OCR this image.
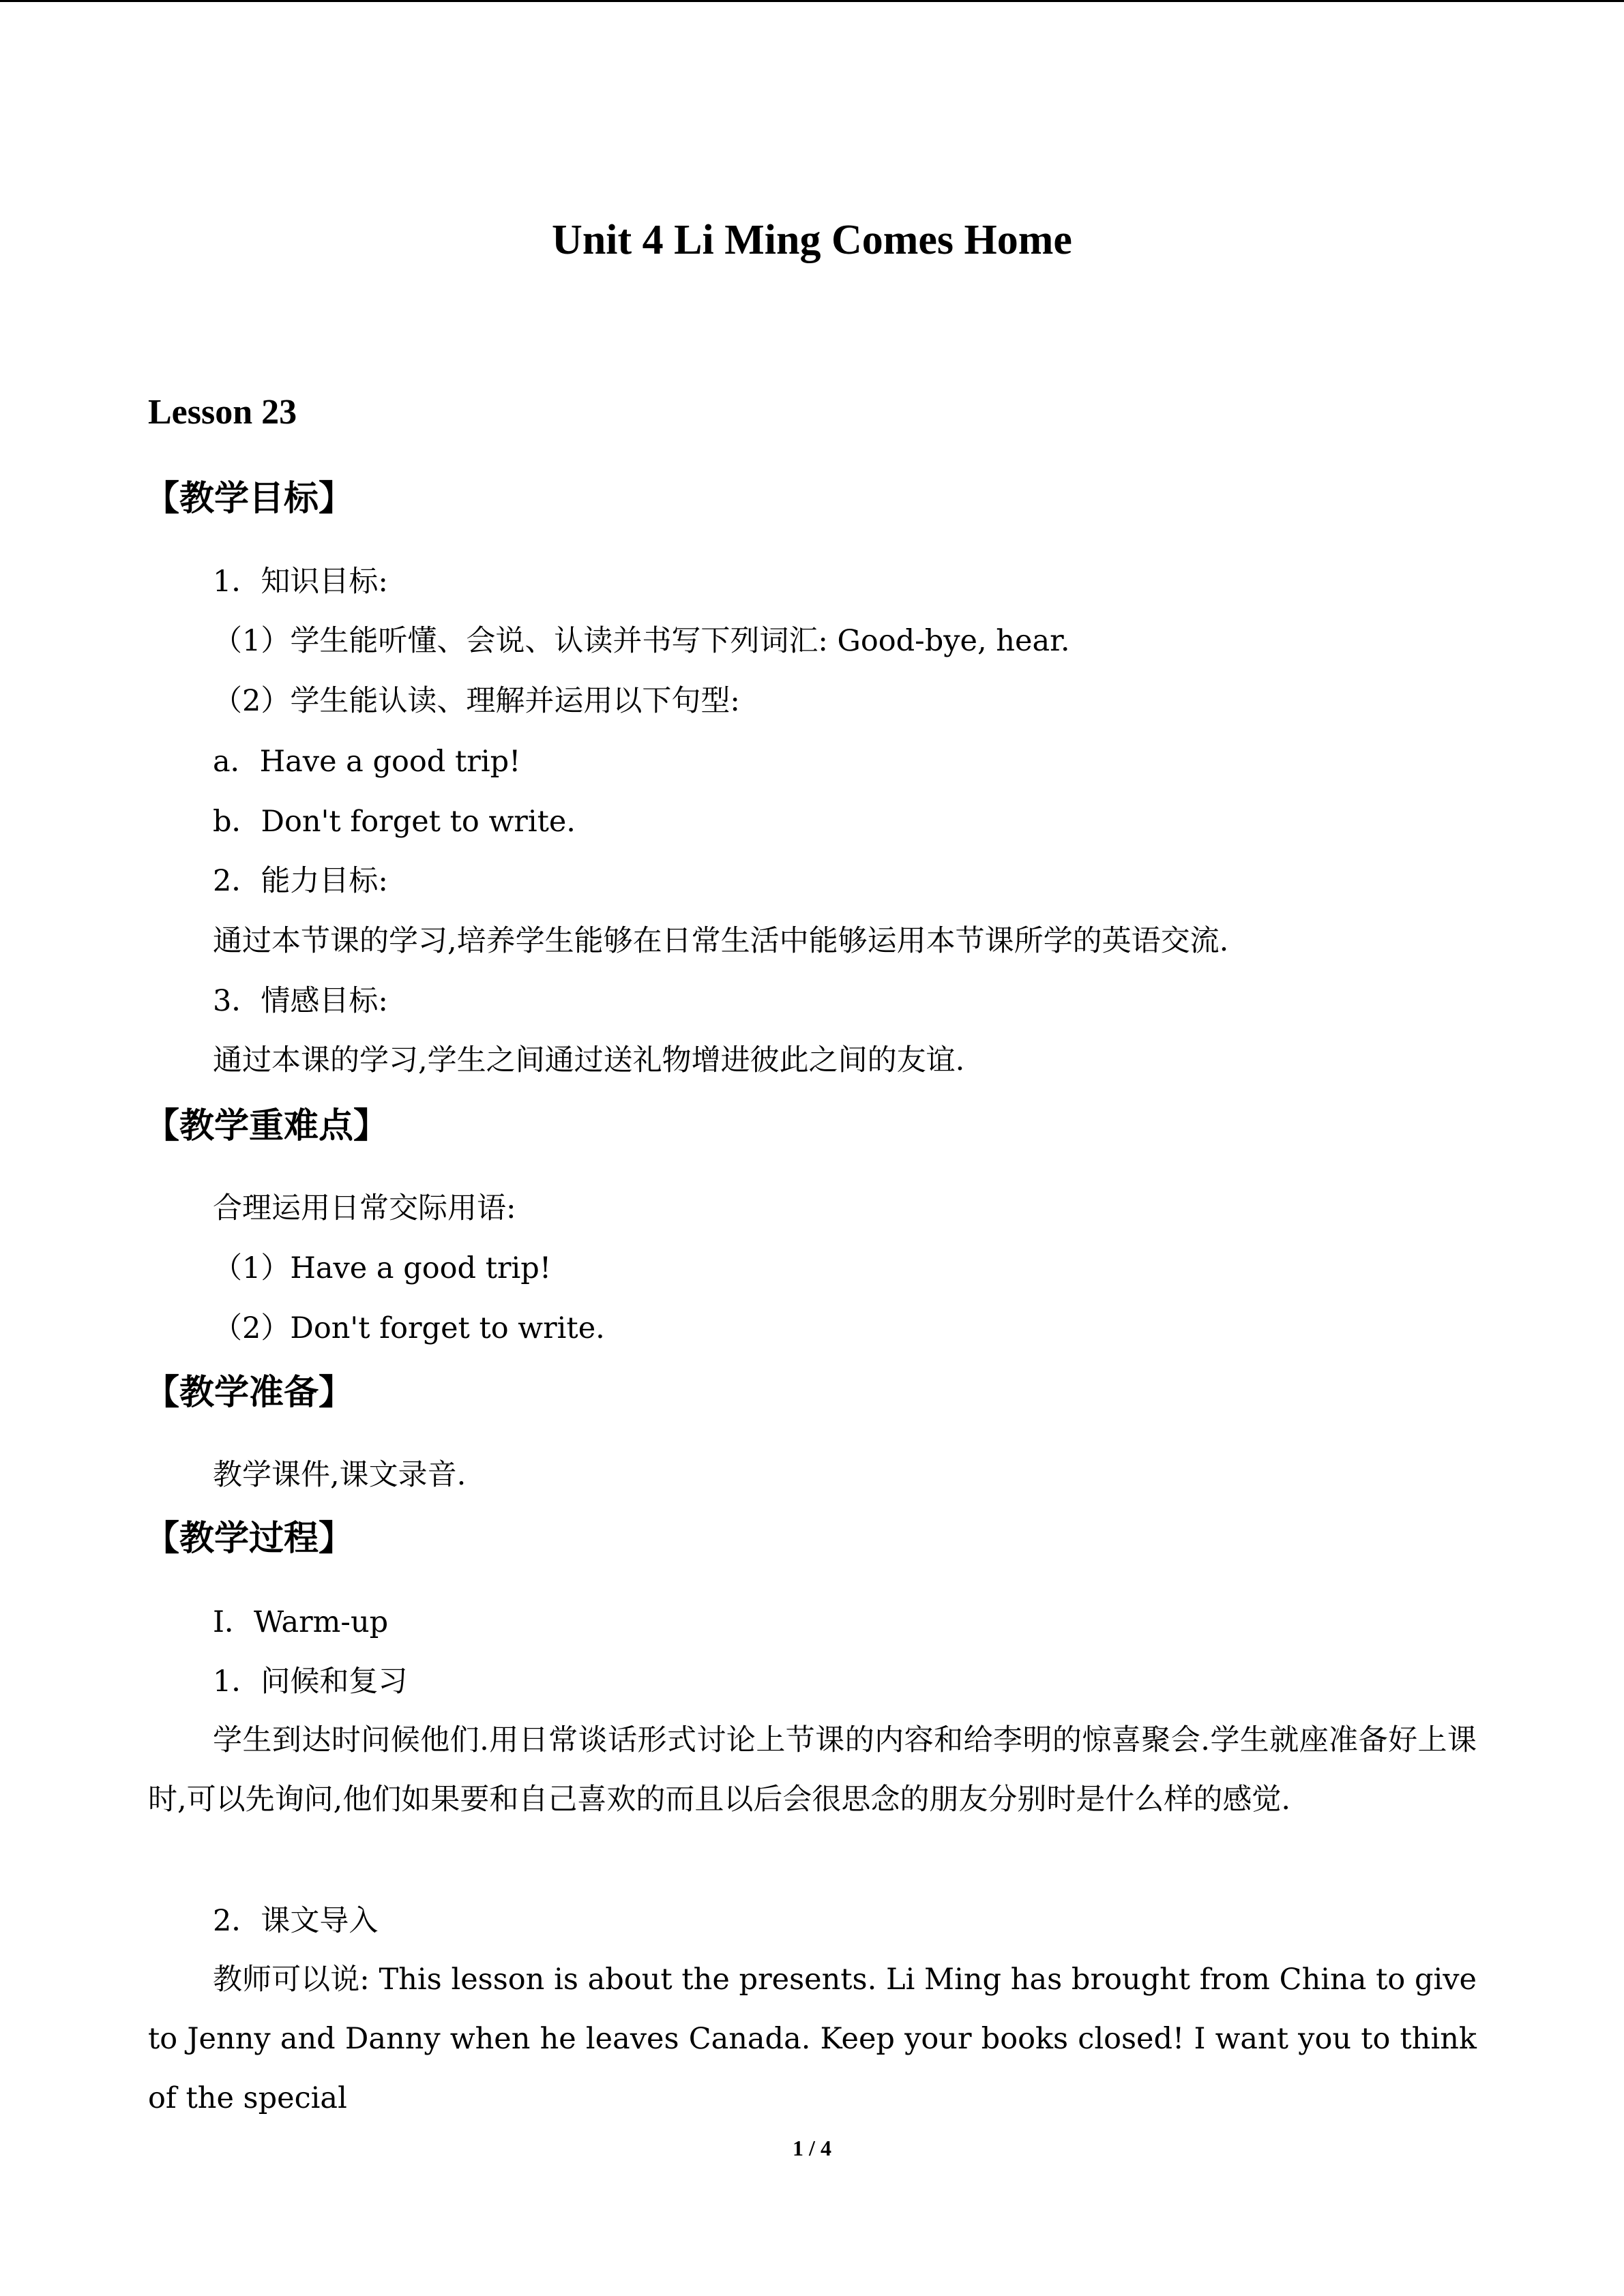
Unit 4 Li Ming Comes Home
Lesson 23
【教学目标】
1．知识目标:
（1）学生能听懂、会说、认读并书写下列词汇: Good-bye, hear.
（2）学生能认读、理解并运用以下句型:
a．Have a good trip!
b．Don't forget to write.
2．能力目标:
通过本节课的学习,培养学生能够在日常生活中能够运用本节课所学的英语交流.
3．情感目标:
通过本课的学习,学生之间通过送礼物增进彼此之间的友谊.
【教学重难点】
合理运用日常交际用语:
（1）Have a good trip!
（2）Don't forget to write.
【教学准备】
教学课件,课文录音.
【教学过程】
I．Warm-up
1．问候和复习
学生到达时问候他们.用日常谈话形式讨论上节课的内容和给李明的惊喜聚会.学生就座准备好上课时,可以先询问,他们如果要和自己喜欢的而且以后会很思念的朋友分别时是什么样的感觉.
2．课文导入
教师可以说: This lesson is about the presents. Li Ming has brought from China to give to Jenny and Danny when he leaves Canada. Keep your books closed! I want you to think of the special
1 / 4
